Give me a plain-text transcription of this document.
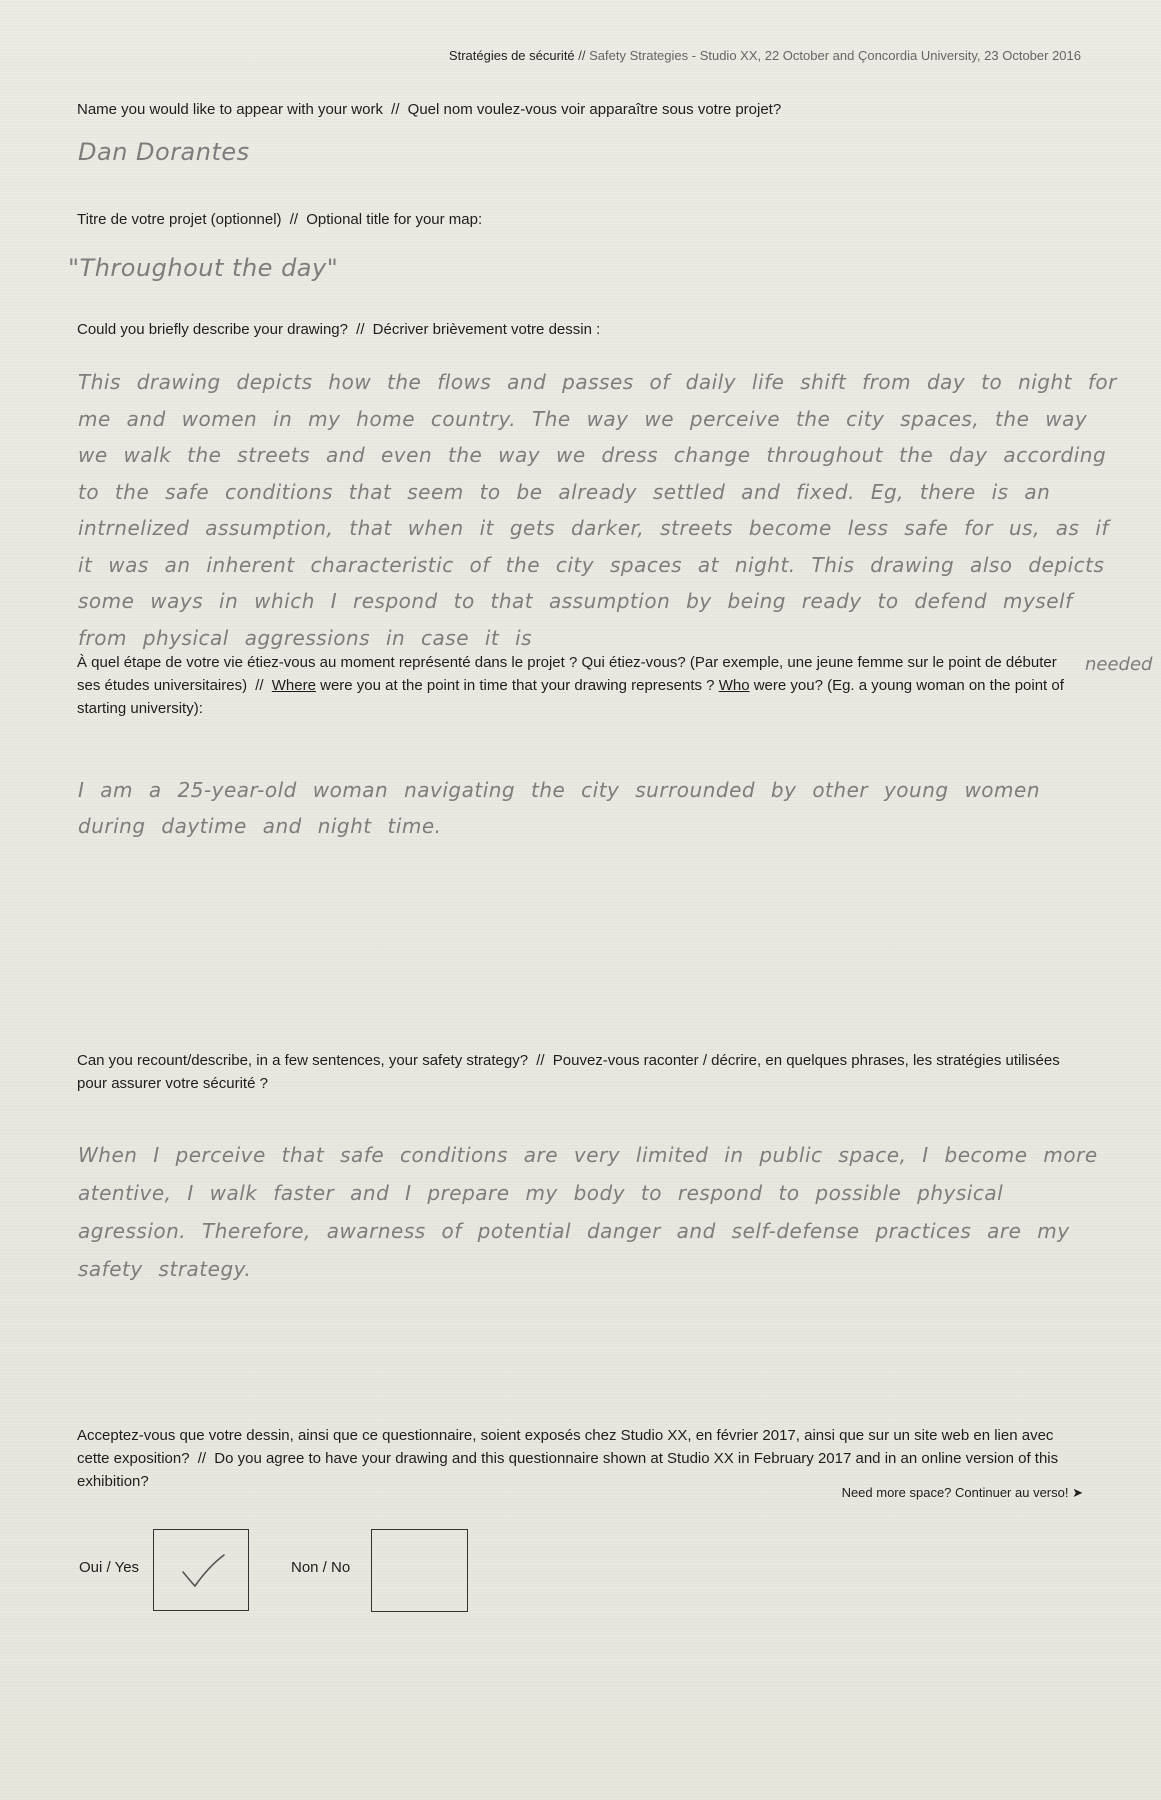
Stratégies de sécurité // Safety Strategies - Studio XX, 22 October and Çoncordia University, 23 October 2016
Name you would like to appear with your work // Quel nom voulez-vous voir apparaître sous votre projet?
Dan Dorantes
Titre de votre projet (optionnel) // Optional title for your map:
"Throughout the day"
Could you briefly describe your drawing? // Décriver brièvement votre dessin :
This drawing depicts how the flows and passes of daily life shift from day to night for me and women in my home country. The way we perceive the city spaces, the way we walk the streets and even the way we dress change throughout the day according to the safe conditions that seem to be already settled and fixed. Eg, there is an intrnelized assumption, that when it gets darker, streets become less safe for us, as if it was an inherent characteristic of the city spaces at night. This drawing also depicts some ways in which I respond to that assumption by being ready to defend myself from physical aggressions in case it is
needed
À quel étape de votre vie étiez-vous au moment représenté dans le projet ? Qui étiez-vous? (Par exemple, une jeune femme sur le point de débuter ses études universitaires) // Where were you at the point in time that your drawing represents ? Who were you? (Eg. a young woman on the point of starting university):
I am a 25-year-old woman navigating the city surrounded by other young women during daytime and night time.
Can you recount/describe, in a few sentences, your safety strategy? // Pouvez-vous raconter / décrire, en quelques phrases, les stratégies utilisées pour assurer votre sécurité ?
When I perceive that safe conditions are very limited in public space, I become more atentive, I walk faster and I prepare my body to respond to possible physical agression. Therefore, awarness of potential danger and self-defense practices are my safety strategy.
Acceptez-vous que votre dessin, ainsi que ce questionnaire, soient exposés chez Studio XX, en février 2017, ainsi que sur un site web en lien avec cette exposition? // Do you agree to have your drawing and this questionnaire shown at Studio XX in February 2017 and in an online version of this exhibition?
Oui / Yes	Non / No
Need more space? Continuer au verso! ➤
